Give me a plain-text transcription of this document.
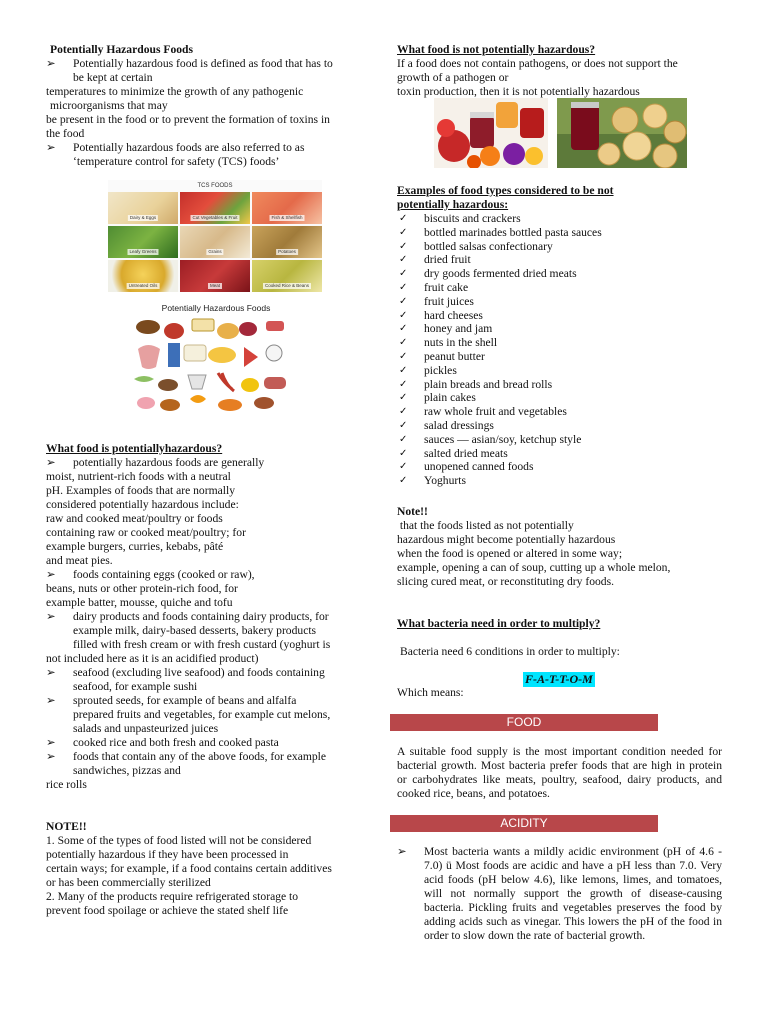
Potentially Hazardous Foods
➢	Potentially hazardous food is defined as food that has to
be kept at certain
temperatures to minimize the growth of any pathogenic
microorganisms that may
be present in the food or to prevent the formation of toxins in
the food
➢	Potentially hazardous foods are also referred to as
‘temperature control for safety (TCS) foods’
TCS FOODS
Dairy & Eggs	Cut Vegetables & Fruit	Fish & Shellfish
Leafy Greens	Grains	Potatoes
Untreated Oils	Meat	Cooked Rice & Beans
Potentially Hazardous Foods
What food is potentiallyhazardous?
➢	potentially hazardous foods are generally
moist, nutrient-rich foods with a neutral
pH. Examples of foods that are normally
considered potentially hazardous include:
raw and cooked meat/poultry or foods
containing raw or cooked meat/poultry; for
example burgers, curries, kebabs, pâté
and meat pies.
➢	foods containing eggs (cooked or raw),
beans, nuts or other protein-rich food, for
example batter, mousse, quiche and tofu
➢	dairy products and foods containing dairy products, for
example milk, dairy-based desserts, bakery products
filled with fresh cream or with fresh custard (yoghurt is
not included here as it is an acidified product)
➢	seafood (excluding live seafood) and foods containing
seafood, for example sushi
➢	sprouted seeds, for example of beans and alfalfa
prepared fruits and vegetables, for example cut melons,
salads and unpasteurized juices
➢	cooked rice and both fresh and cooked pasta
➢	foods that contain any of the above foods, for example
sandwiches, pizzas and
rice rolls
NOTE!!
1. Some of the types of food listed will not be considered
potentially hazardous if they have been processed in
certain ways; for example, if a food contains certain additives
or has been commercially sterilized
2. Many of the products require refrigerated storage to
prevent food spoilage or achieve the stated shelf life
What food is not potentially hazardous?
If a food does not contain pathogens, or does not support the
growth of a pathogen or
toxin production, then it is not potentially hazardous
Examples of food types considered to be not
potentially hazardous:
✓ biscuits and crackers
✓ bottled marinades bottled pasta sauces
✓ bottled salsas confectionary
✓ dried fruit
✓ dry goods fermented dried meats
✓ fruit cake
✓ fruit juices
✓ hard cheeses
✓ honey and jam
✓ nuts in the shell
✓ peanut butter
✓ pickles
✓ plain breads and bread rolls
✓ plain cakes
✓ raw whole fruit and vegetables
✓ salad dressings
✓ sauces — asian/soy, ketchup style
✓ salted dried meats
✓ unopened canned foods
✓ Yoghurts
Note!!
that the foods listed as not potentially
hazardous might become potentially hazardous
when the food is opened or altered in some way;
example, opening a can of soup, cutting up a whole melon,
slicing cured meat, or reconstituting dry foods.
What bacteria need in order to multiply?
Bacteria need 6 conditions in order to multiply:
Which means:
F-A-T-T-O-M
FOOD
A suitable food supply is the most important condition needed for bacterial growth. Most bacteria prefer foods that are high in protein or carbohydrates like meats, poultry, seafood, dairy products, and cooked rice, beans, and potatoes.
ACIDITY
➢	Most bacteria wants a mildly acidic environment (pH of 4.6 - 7.0) ü Most foods are acidic and have a pH less than 7.0. Very acid foods (pH below 4.6), like lemons, limes, and tomatoes, will not normally support the growth of disease-causing bacteria. Pickling fruits and vegetables preserves the food by adding acids such as vinegar. This lowers the pH of the food in order to slow down the rate of bacterial growth.
